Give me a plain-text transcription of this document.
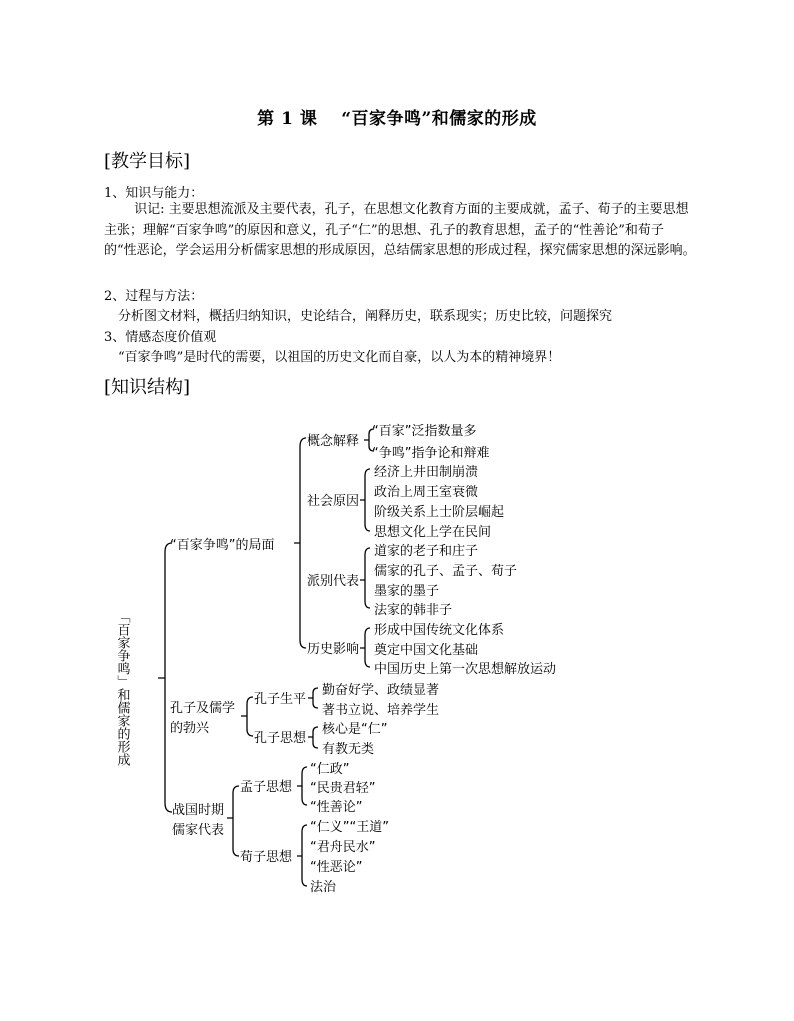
第 1 课　 “百家争鸣”和儒家的形成
[教学目标]
1、知识与能力：
　　 识记: 主要思想流派及主要代表，孔子，在思想文化教育方面的主要成就，孟子、荀子的主要思想主张；理解“百家争鸣”的原因和意义，孔子“仁”的思想、孔子的教育思想，孟子的“性善论”和荀子的“性恶论，学会运用分析儒家思想的形成原因，总结儒家思想的形成过程，探究儒家思想的深远影响。
2、过程与方法：
分析图文材料，概括归纳知识，史论结合，阐释历史，联系现实；历史比较，问题探究
3、情感态度价值观
“百家争鸣”是时代的需要，以祖国的历史文化而自豪，以人为本的精神境界！
[知识结构]
「百家争鸣」和儒家的形成
“百家争鸣”的局面
孔子及儒学
的勃兴
战国时期
儒家代表
概念解释
“百家”泛指数量多
“争鸣”指争论和辩难
社会原因
经济上井田制崩溃
政治上周王室衰微
阶级关系上士阶层崛起
思想文化上学在民间
派别代表
道家的老子和庄子
儒家的孔子、孟子、荀子
墨家的墨子
法家的韩非子
历史影响
形成中国传统文化体系
奠定中国文化基础
中国历史上第一次思想解放运动
孔子生平
勤奋好学、政绩显著
著书立说、培养学生
孔子思想
核心是“仁”
有教无类
孟子思想
“仁政”
“民贵君轻”
“性善论”
荀子思想
“仁义”“王道”
“君舟民水”
“性恶论”
法治
